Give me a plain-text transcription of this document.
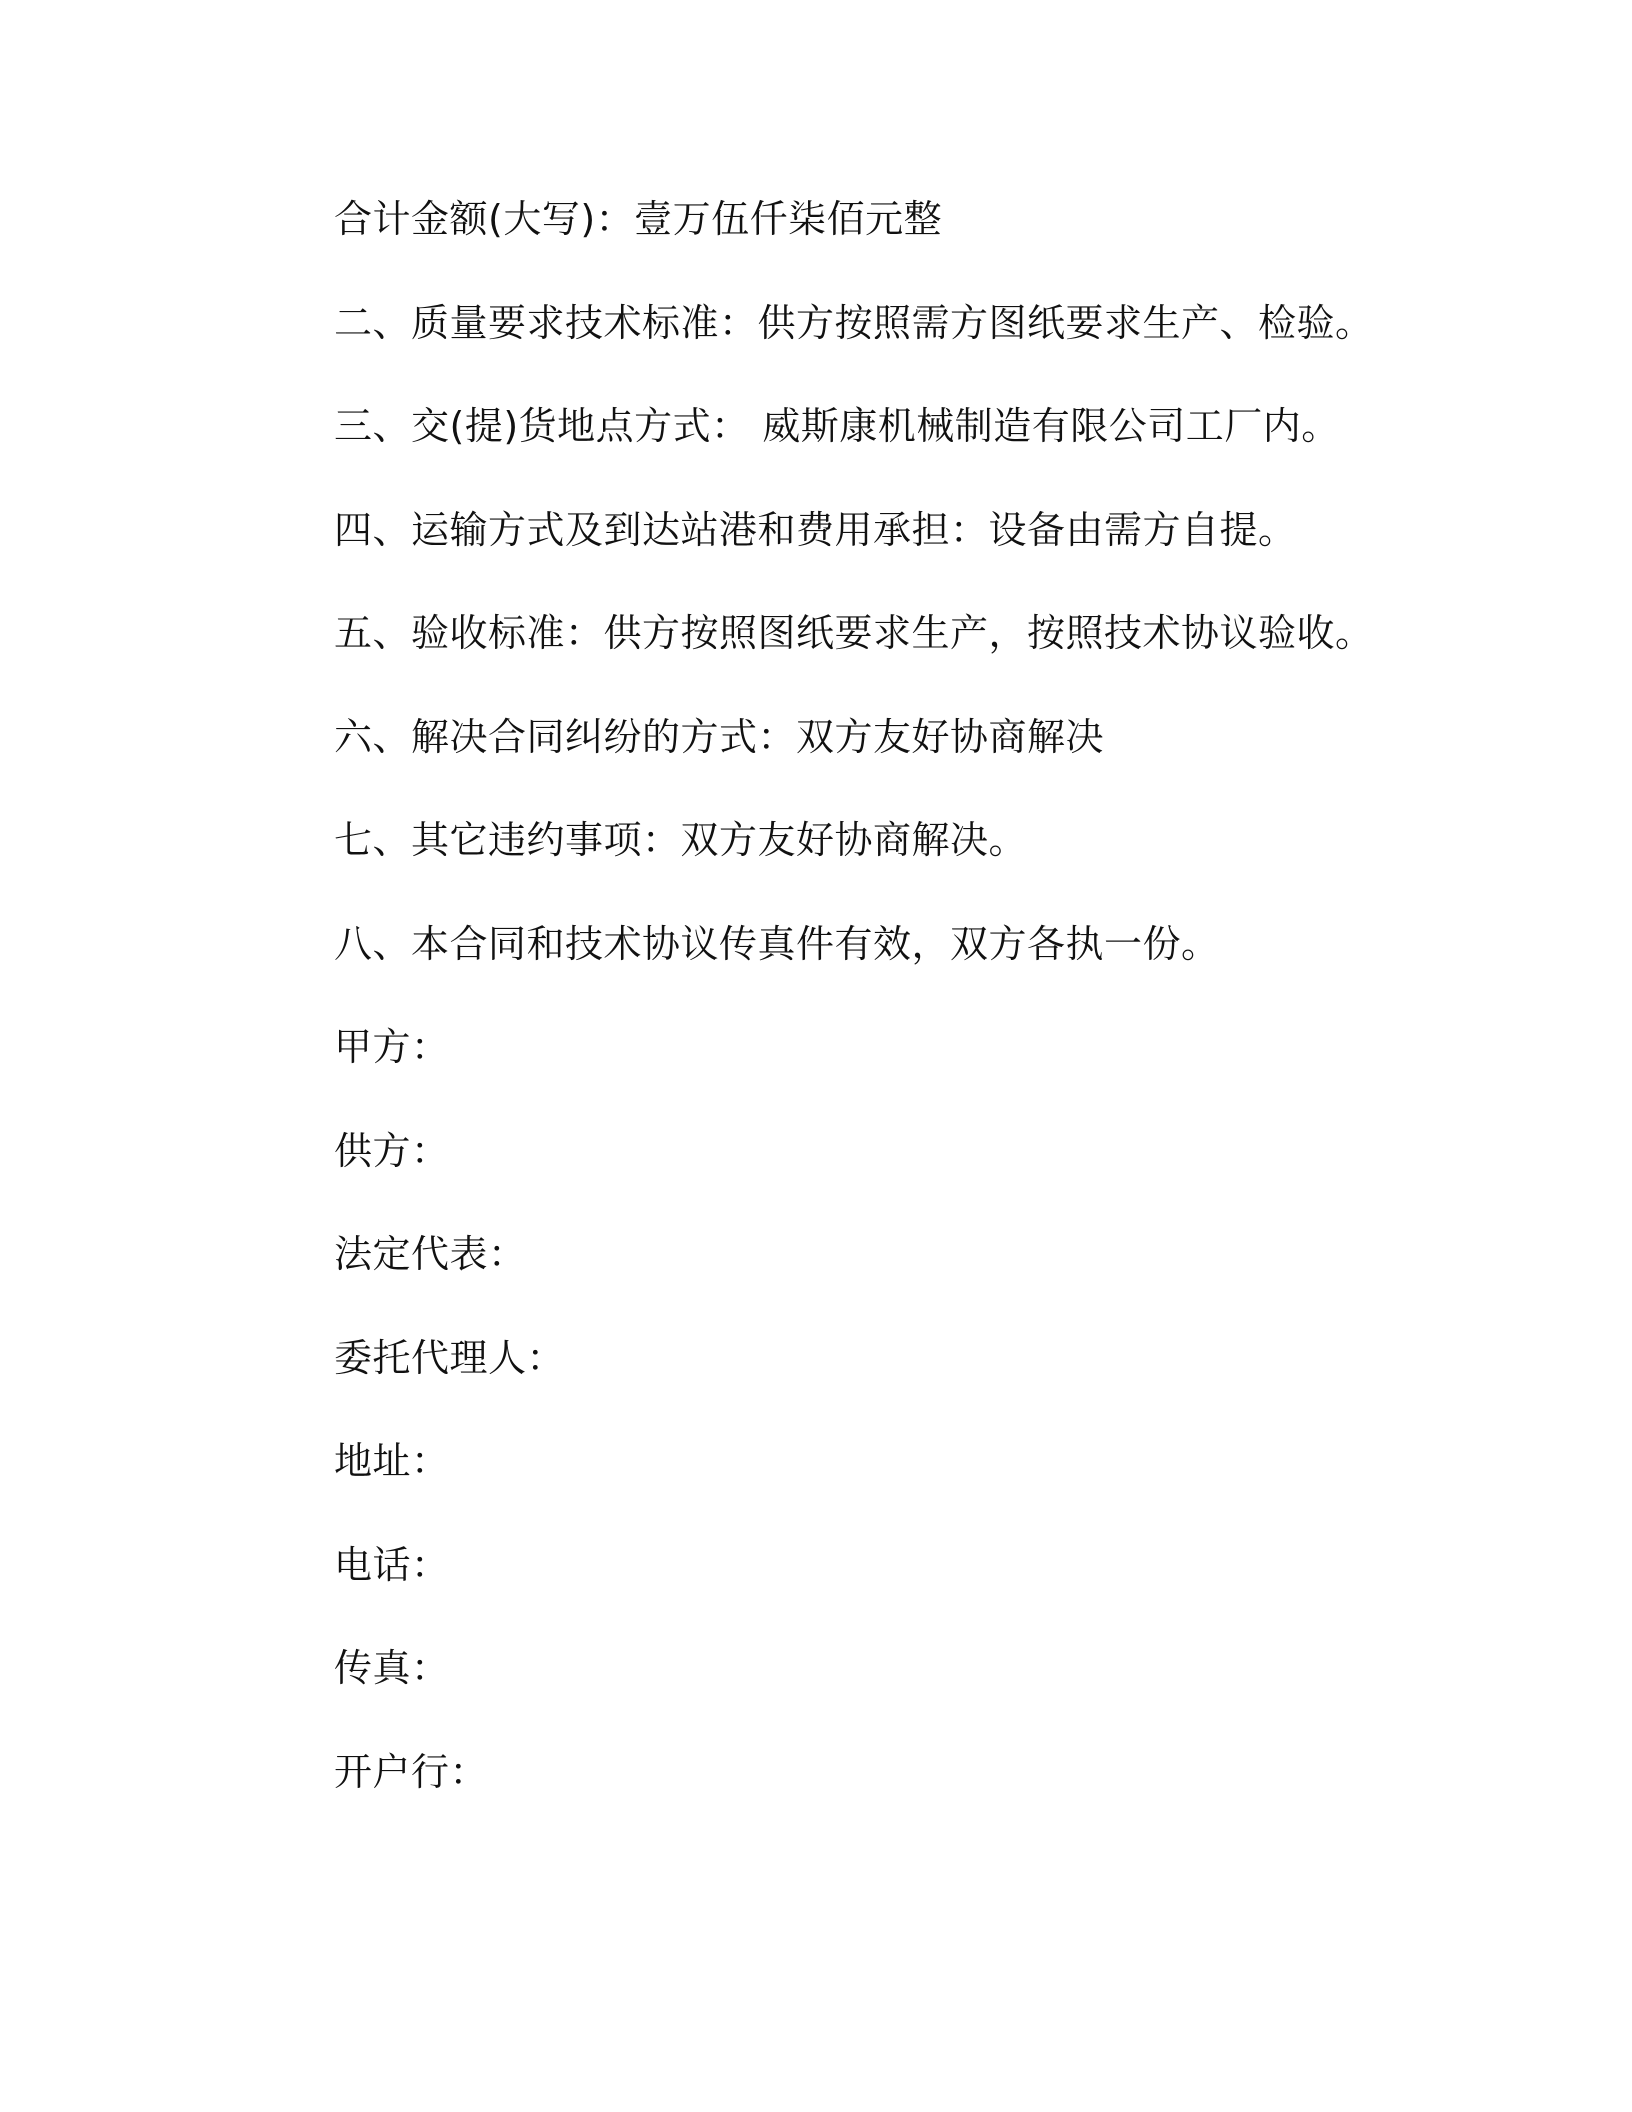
合计金额(大写)：壹万伍仟柒佰元整
二、质量要求技术标准：供方按照需方图纸要求生产、检验。
三、交(提)货地点方式： 威斯康机械制造有限公司工厂内。
四、运输方式及到达站港和费用承担：设备由需方自提。
五、验收标准：供方按照图纸要求生产，按照技术协议验收。
六、解决合同纠纷的方式：双方友好协商解决
七、其它违约事项：双方友好协商解决。
八、本合同和技术协议传真件有效，双方各执一份。
甲方：
供方：
法定代表：
委托代理人：
地址：
电话：
传真：
开户行：
